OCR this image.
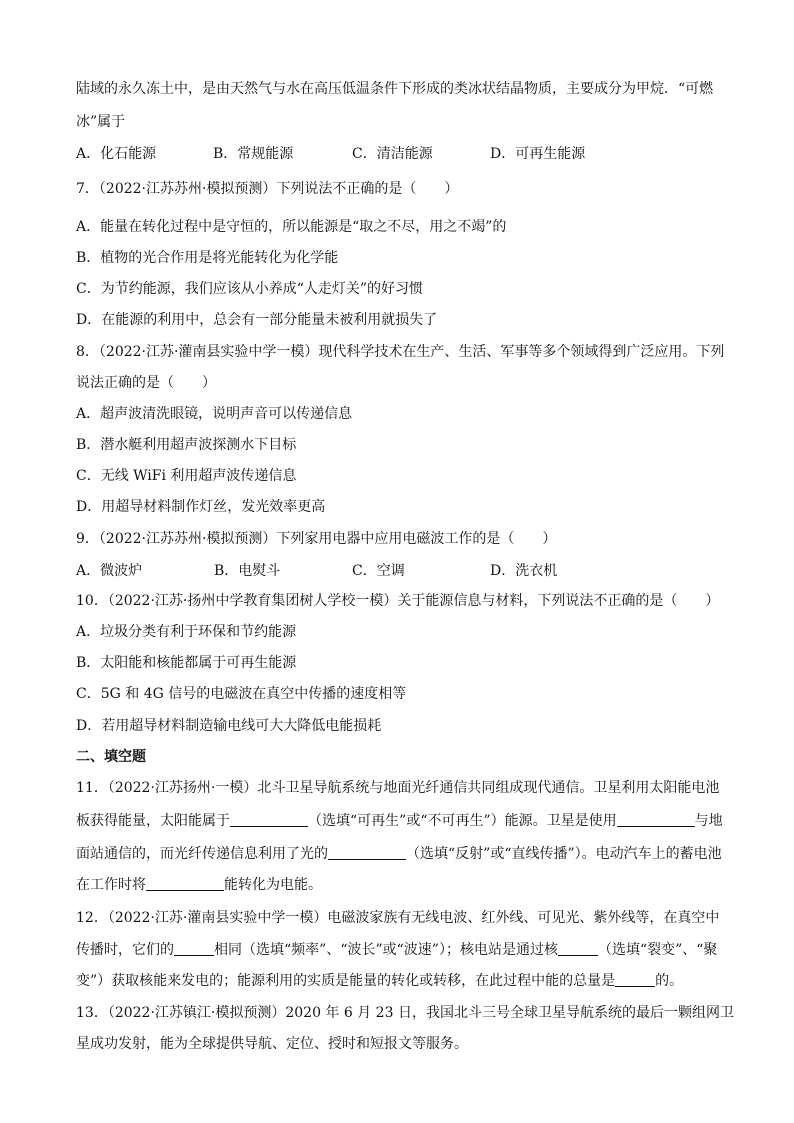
陆域的永久冻土中，是由天然气与水在高压低温条件下形成的类冰状结晶物质，主要成分为甲烷．“可燃
冰”属于
A．化石能源	B．常规能源	C．清洁能源	D．可再生能源
7．（2022·江苏苏州·模拟预测）下列说法不正确的是（　　）
A．能量在转化过程中是守恒的，所以能源是“取之不尽，用之不竭”的
B．植物的光合作用是将光能转化为化学能
C．为节约能源，我们应该从小养成“人走灯关”的好习惯
D．在能源的利用中，总会有一部分能量未被利用就损失了
8．（2022·江苏·灌南县实验中学一模）现代科学技术在生产、生活、军事等多个领域得到广泛应用。下列
说法正确的是（　　）
A．超声波清洗眼镜，说明声音可以传递信息
B．潜水艇利用超声波探测水下目标
C．无线 WiFi 利用超声波传递信息
D．用超导材料制作灯丝，发光效率更高
9．（2022·江苏苏州·模拟预测）下列家用电器中应用电磁波工作的是（　　）
A．微波炉	B．电熨斗	C．空调	D．洗衣机
10．（2022·江苏·扬州中学教育集团树人学校一模）关于能源信息与材料，下列说法不正确的是（　　）
A．垃圾分类有利于环保和节约能源
B．太阳能和核能都属于可再生能源
C．5G 和 4G 信号的电磁波在真空中传播的速度相等
D．若用超导材料制造输电线可大大降低电能损耗
二、填空题
11．（2022·江苏扬州·一模）北斗卫星导航系统与地面光纤通信共同组成现代通信。卫星利用太阳能电池
板获得能量，太阳能属于	（选填“可再生”或“不可再生”）能源。卫星是使用	与地
面站通信的，而光纤传递信息利用了光的	（选填“反射”或“直线传播”）。电动汽车上的蓄电池
在工作时将	能转化为电能。
12．（2022·江苏·灌南县实验中学一模）电磁波家族有无线电波、红外线、可见光、紫外线等，在真空中
传播时，它们的	相同（选填“频率”、“波长”或“波速”）；核电站是通过核	（选填“裂变”、“聚
变”）获取核能来发电的；能源利用的实质是能量的转化或转移，在此过程中能的总量是	的。
13．（2022·江苏镇江·模拟预测）2020 年 6 月 23 日，我国北斗三号全球卫星导航系统的最后一颗组网卫
星成功发射，能为全球提供导航、定位、授时和短报文等服务。
